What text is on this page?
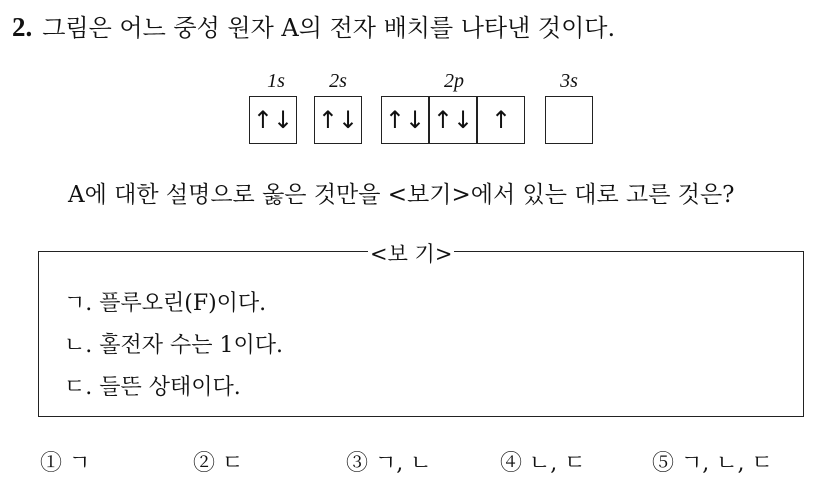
2. 그림은 어느 중성 원자 A의 전자 배치를 나타낸 것이다.
1s	2s	2p	3s
↑↓ ↑↓ ↑↓ ↑↓ ↑
A에 대한 설명으로 옳은 것만을 <보기>에서 있는 대로 고른 것은?
<보 기>
ㄱ. 플루오린(F)이다.
ㄴ. 홀전자 수는 1이다.
ㄷ. 들뜬 상태이다.
① ㄱ	② ㄷ	③ ㄱ, ㄴ	④ ㄴ, ㄷ	⑤ ㄱ, ㄴ, ㄷ
